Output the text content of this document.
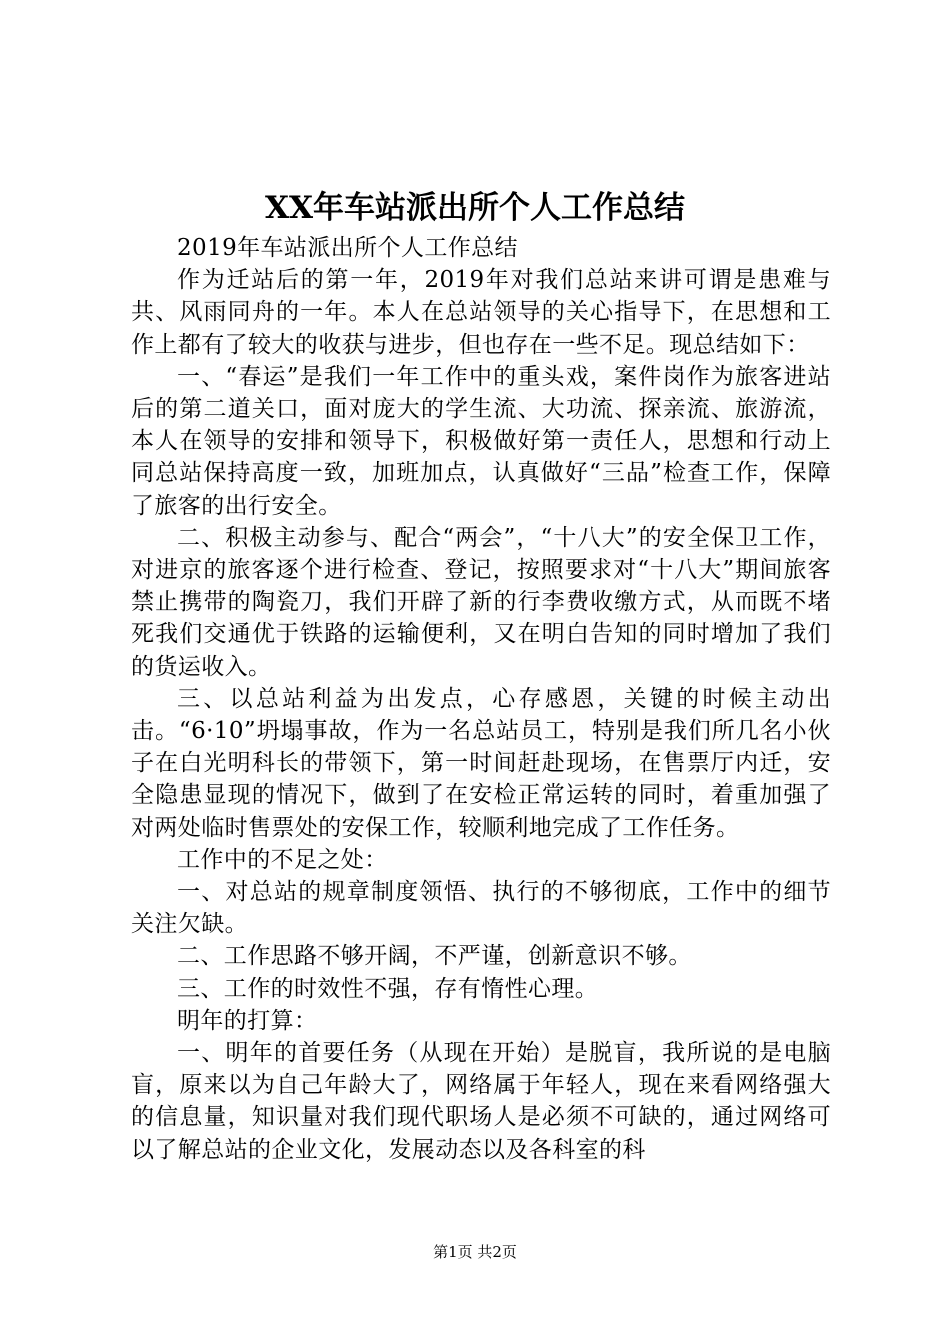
XX年车站派出所个人工作总结

2019年车站派出所个人工作总结

作为迁站后的第一年，2019年对我们总站来讲可谓是患难与共、风雨同舟的一年。本人在总站领导的关心指导下，在思想和工作上都有了较大的收获与进步，但也存在一些不足。现总结如下：

一、“春运”是我们一年工作中的重头戏，案件岗作为旅客进站后的第二道关口，面对庞大的学生流、大功流、探亲流、旅游流，本人在领导的安排和领导下，积极做好第一责任人，思想和行动上同总站保持高度一致，加班加点，认真做好“三品”检查工作，保障了旅客的出行安全。

二、积极主动参与、配合“两会”，“十八大”的安全保卫工作，对进京的旅客逐个进行检查、登记，按照要求对“十八大”期间旅客禁止携带的陶瓷刀，我们开辟了新的行李费收缴方式，从而既不堵死我们交通优于铁路的运输便利，又在明白告知的同时增加了我们的货运收入。

三、以总站利益为出发点，心存感恩，关键的时候主动出击。“6·10”坍塌事故，作为一名总站员工，特别是我们所几名小伙子在白光明科长的带领下，第一时间赶赴现场，在售票厅内迁，安全隐患显现的情况下，做到了在安检正常运转的同时，着重加强了对两处临时售票处的安保工作，较顺利地完成了工作任务。

工作中的不足之处：

一、对总站的规章制度领悟、执行的不够彻底，工作中的细节关注欠缺。

二、工作思路不够开阔，不严谨，创新意识不够。

三、工作的时效性不强，存有惰性心理。

明年的打算：

一、明年的首要任务（从现在开始）是脱盲，我所说的是电脑盲，原来以为自己年龄大了，网络属于年轻人，现在来看网络强大的信息量，知识量对我们现代职场人是必须不可缺的，通过网络可以了解总站的企业文化，发展动态以及各科室的科

第1页 共2页
